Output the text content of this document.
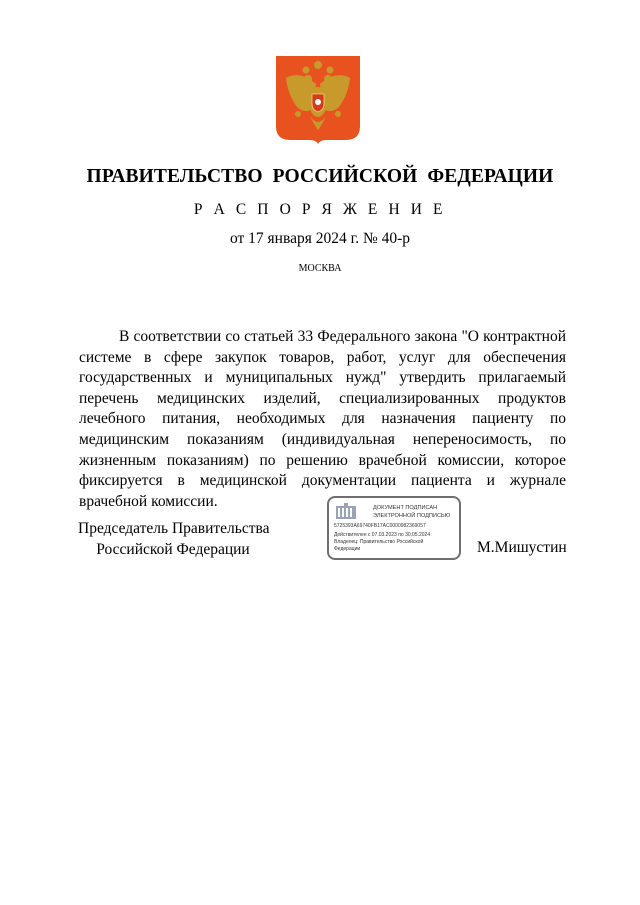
ПРАВИТЕЛЬСТВО РОССИЙСКОЙ ФЕДЕРАЦИИ
Р А С П О Р Я Ж Е Н И Е
от 17 января 2024 г. № 40-р
МОСКВА

В соответствии со статьей 33 Федерального закона "О контрактной системе в сфере закупок товаров, работ, услуг для обеспечения государственных и муниципальных нужд" утвердить прилагаемый перечень медицинских изделий, специализированных продуктов лечебного питания, необходимых для назначения пациенту по медицинским показаниям (индивидуальная непереносимость, по жизненным показаниям) по решению врачебной комиссии, которое фиксируется в медицинской документации пациента и журнале врачебной комиссии.

Председатель Правительства
Российской Федерации
ДОКУМЕНТ ПОДПИСАН
ЭЛЕКТРОННОЙ ПОДПИСЬЮ
5725393A69740FB17AC0000982369057
Действителен с 07.03.2023 по 30.05.2024
Владелец: Правительство Российской
Федерации	М.Мишустин
